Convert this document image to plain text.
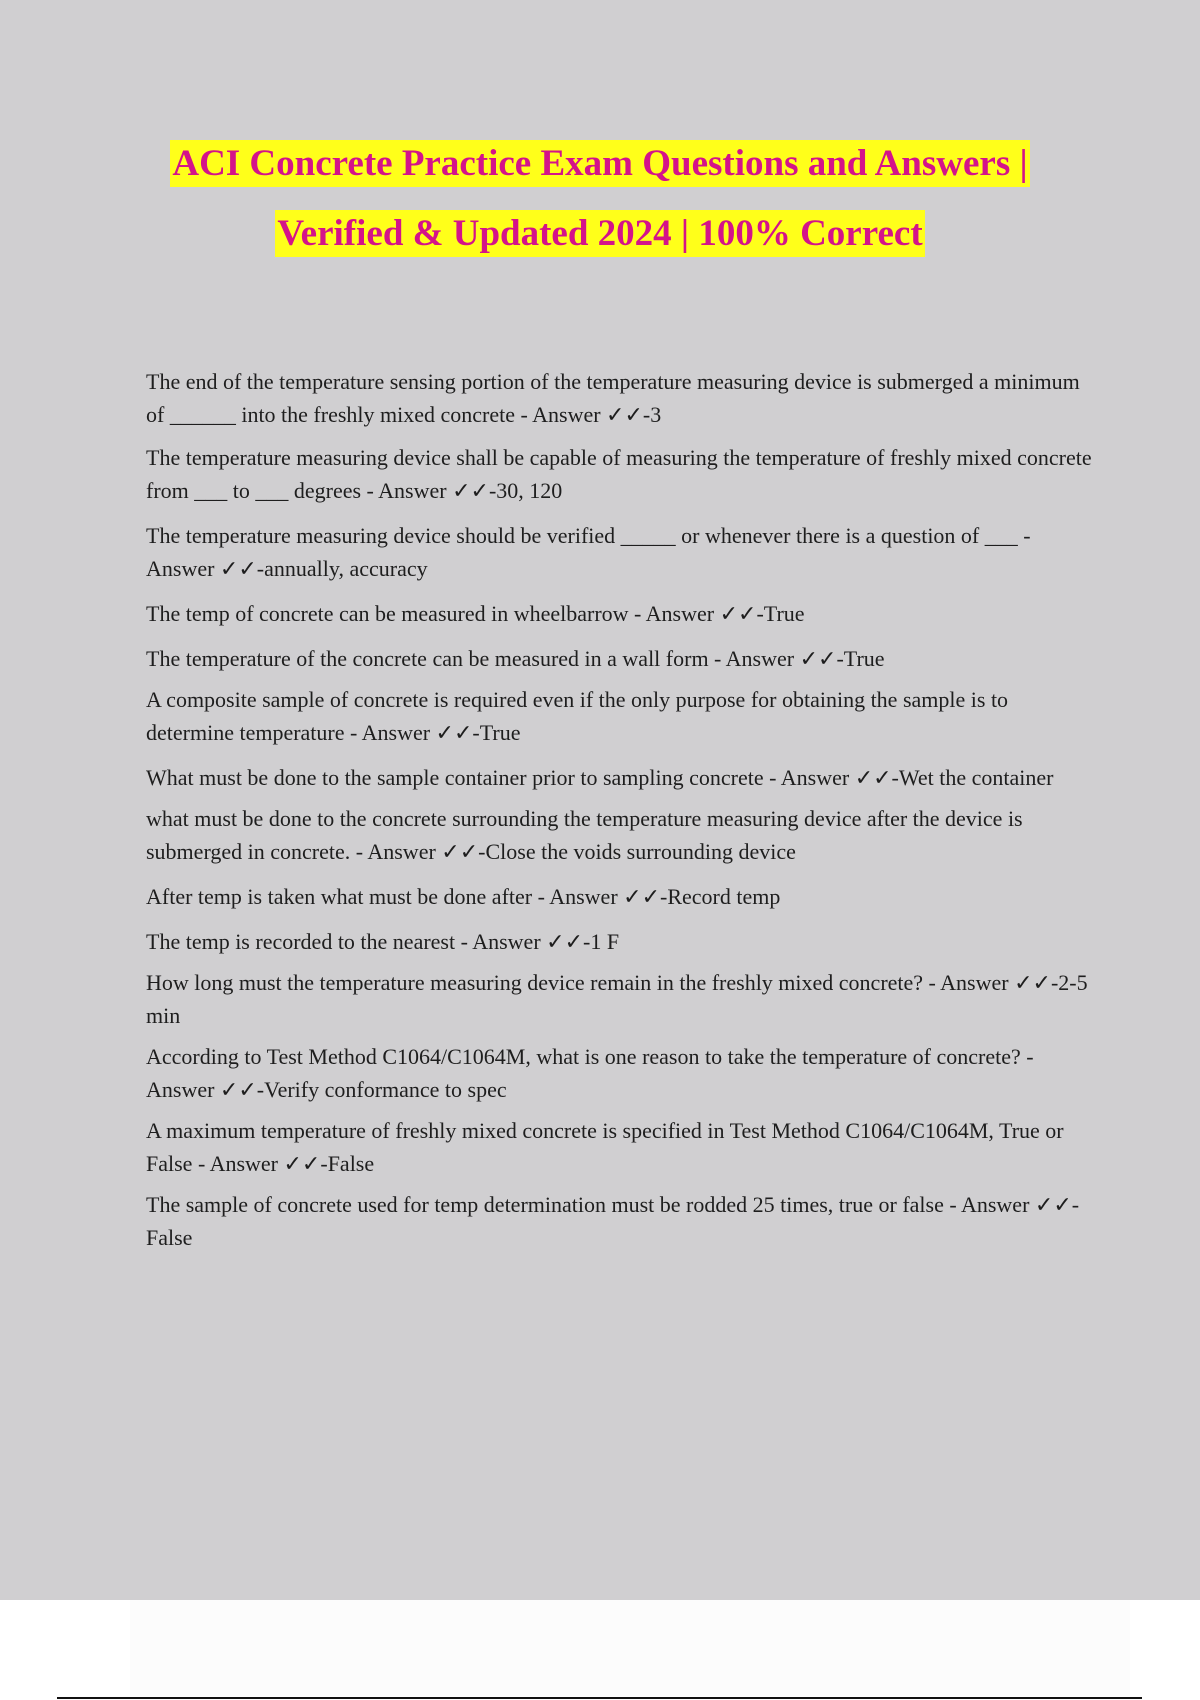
ACI Concrete Practice Exam Questions and Answers |
Verified & Updated 2024 | 100% Correct

The end of the temperature sensing portion of the temperature measuring device is submerged a minimum of ______ into the freshly mixed concrete - Answer ✓✓-3

The temperature measuring device shall be capable of measuring the temperature of freshly mixed concrete from ___ to ___ degrees - Answer ✓✓-30, 120

The temperature measuring device should be verified _____ or whenever there is a question of ___ - Answer ✓✓-annually, accuracy

The temp of concrete can be measured in wheelbarrow - Answer ✓✓-True

The temperature of the concrete can be measured in a wall form - Answer ✓✓-True

A composite sample of concrete is required even if the only purpose for obtaining the sample is to determine temperature - Answer ✓✓-True

What must be done to the sample container prior to sampling concrete - Answer ✓✓-Wet the container

what must be done to the concrete surrounding the temperature measuring device after the device is submerged in concrete. - Answer ✓✓-Close the voids surrounding device

After temp is taken what must be done after - Answer ✓✓-Record temp

The temp is recorded to the nearest - Answer ✓✓-1 F

How long must the temperature measuring device remain in the freshly mixed concrete? - Answer ✓✓-2-5 min

According to Test Method C1064/C1064M, what is one reason to take the temperature of concrete? - Answer ✓✓-Verify conformance to spec

A maximum temperature of freshly mixed concrete is specified in Test Method C1064/C1064M, True or False - Answer ✓✓-False

The sample of concrete used for temp determination must be rodded 25 times, true or false - Answer ✓✓-False
